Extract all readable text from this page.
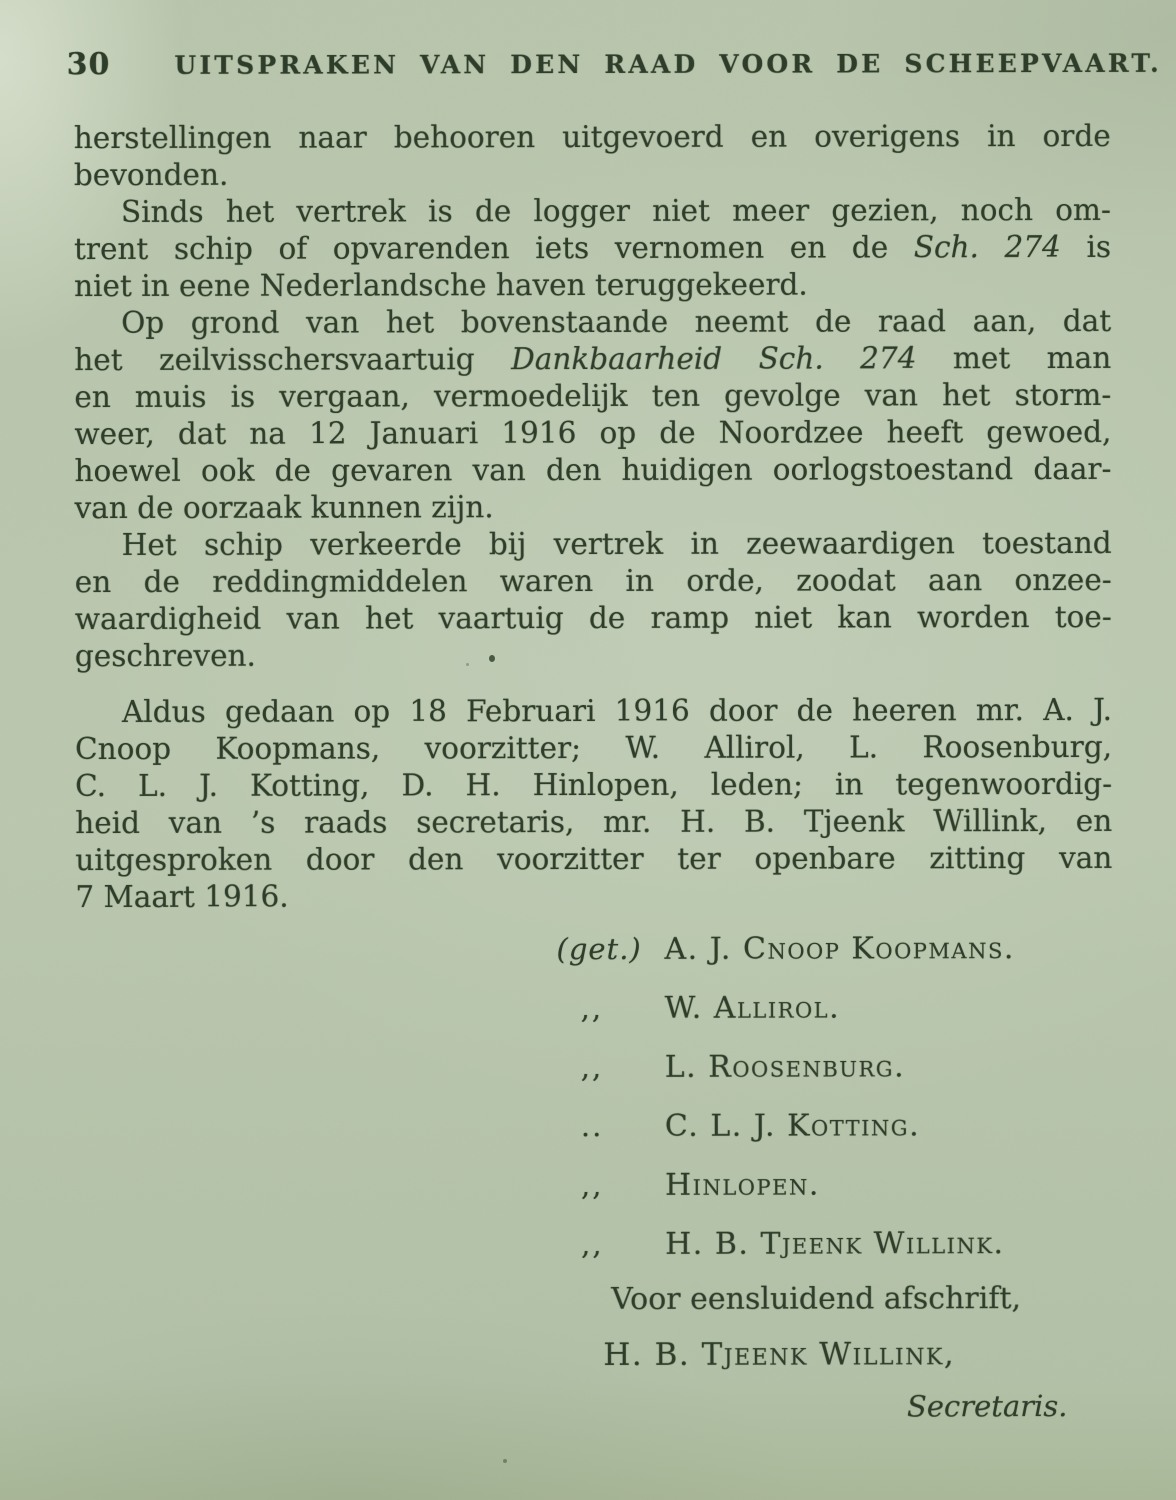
30	UITSPRAKEN VAN DEN RAAD VOOR DE SCHEEPVAART.
herstellingen naar behooren uitgevoerd en overigens in orde
bevonden.
Sinds het vertrek is de logger niet meer gezien, noch om-
trent schip of opvarenden iets vernomen en de Sch. 274 is
niet in eene Nederlandsche haven teruggekeerd.
Op grond van het bovenstaande neemt de raad aan, dat
het zeilvisschersvaartuig Dankbaarheid Sch. 274 met man
en muis is vergaan, vermoedelijk ten gevolge van het storm-
weer, dat na 12 Januari 1916 op de Noordzee heeft gewoed,
hoewel ook de gevaren van den huidigen oorlogstoestand daar-
van de oorzaak kunnen zijn.
Het schip verkeerde bij vertrek in zeewaardigen toestand
en de reddingmiddelen waren in orde, zoodat aan onzee-
waardigheid van het vaartuig de ramp niet kan worden toe-
geschreven.
Aldus gedaan op 18 Februari 1916 door de heeren mr. A. J.
Cnoop Koopmans, voorzitter; W. Allirol, L. Roosenburg,
C. L. J. Kotting, D. H. Hinlopen, leden; in tegenwoordig-
heid van ’s raads secretaris, mr. H. B. Tjeenk Willink, en
uitgesproken door den voorzitter ter openbare zitting van
7 Maart 1916.
(get.) A. J. Cnoop Koopmans.
,,	W. Allirol.
,,	L. Roosenburg.
..	C. L. J. Kotting.
,,	Hinlopen.
,,	H. B. Tjeenk Willink.
Voor eensluidend afschrift,
H. B. Tjeenk Willink,
Secretaris.
